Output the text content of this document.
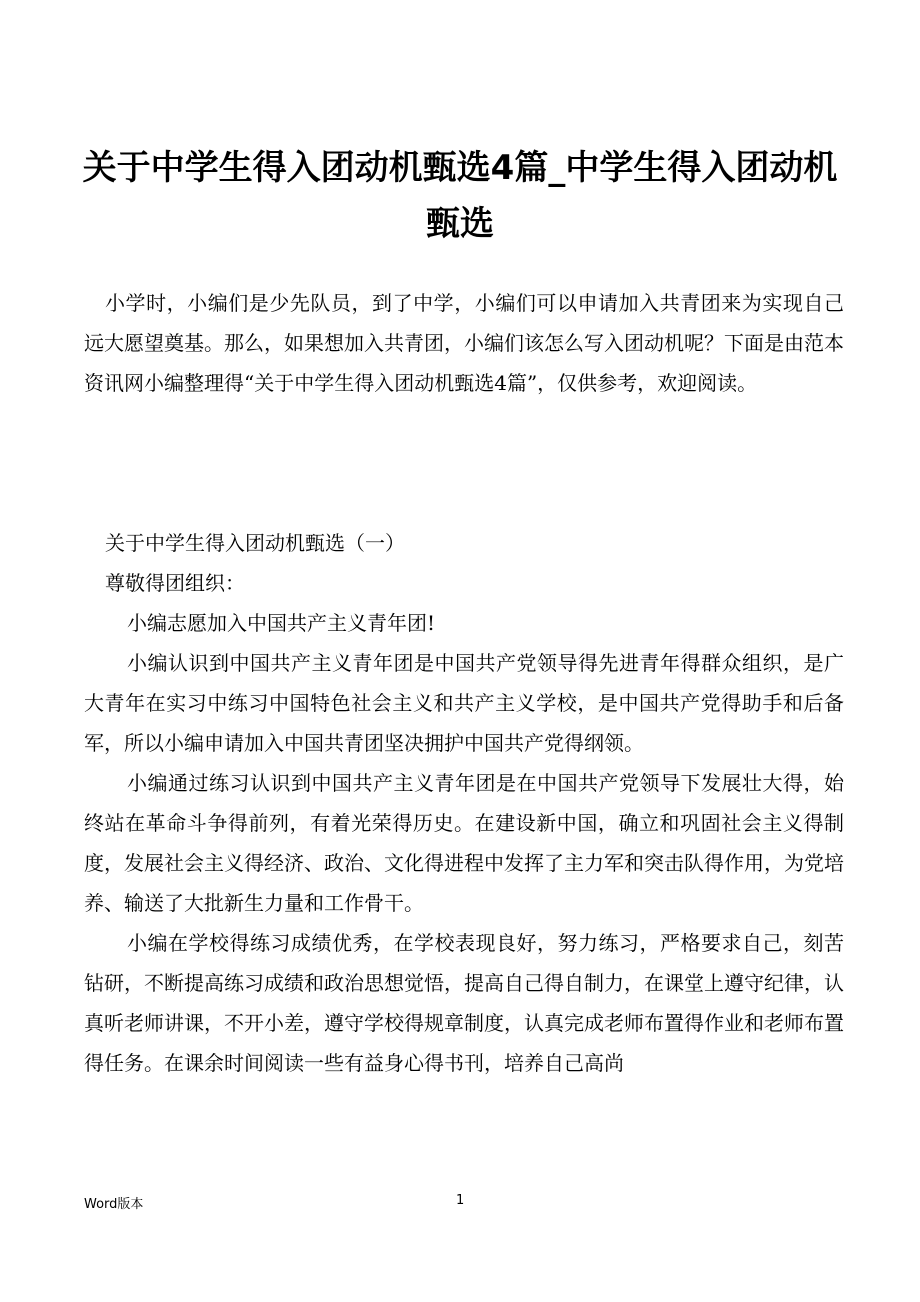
关于中学生得入团动机甄选4篇_中学生得入团动机甄选

小学时，小编们是少先队员，到了中学，小编们可以申请加入共青团来为实现自己远大愿望奠基。那么，如果想加入共青团，小编们该怎么写入团动机呢？下面是由范本资讯网小编整理得“关于中学生得入团动机甄选4篇”，仅供参考，欢迎阅读。

关于中学生得入团动机甄选（一）

尊敬得团组织：

小编志愿加入中国共产主义青年团!

小编认识到中国共产主义青年团是中国共产党领导得先进青年得群众组织，是广大青年在实习中练习中国特色社会主义和共产主义学校，是中国共产党得助手和后备军，所以小编申请加入中国共青团坚决拥护中国共产党得纲领。

小编通过练习认识到中国共产主义青年团是在中国共产党领导下发展壮大得，始终站在革命斗争得前列，有着光荣得历史。在建设新中国，确立和巩固社会主义得制度，发展社会主义得经济、政治、文化得进程中发挥了主力军和突击队得作用，为党培养、输送了大批新生力量和工作骨干。

小编在学校得练习成绩优秀，在学校表现良好，努力练习，严格要求自己，刻苦钻研，不断提高练习成绩和政治思想觉悟，提高自己得自制力，在课堂上遵守纪律，认真听老师讲课，不开小差，遵守学校得规章制度，认真完成老师布置得作业和老师布置得任务。在课余时间阅读一些有益身心得书刊，培养自己高尚

Word版本	1
